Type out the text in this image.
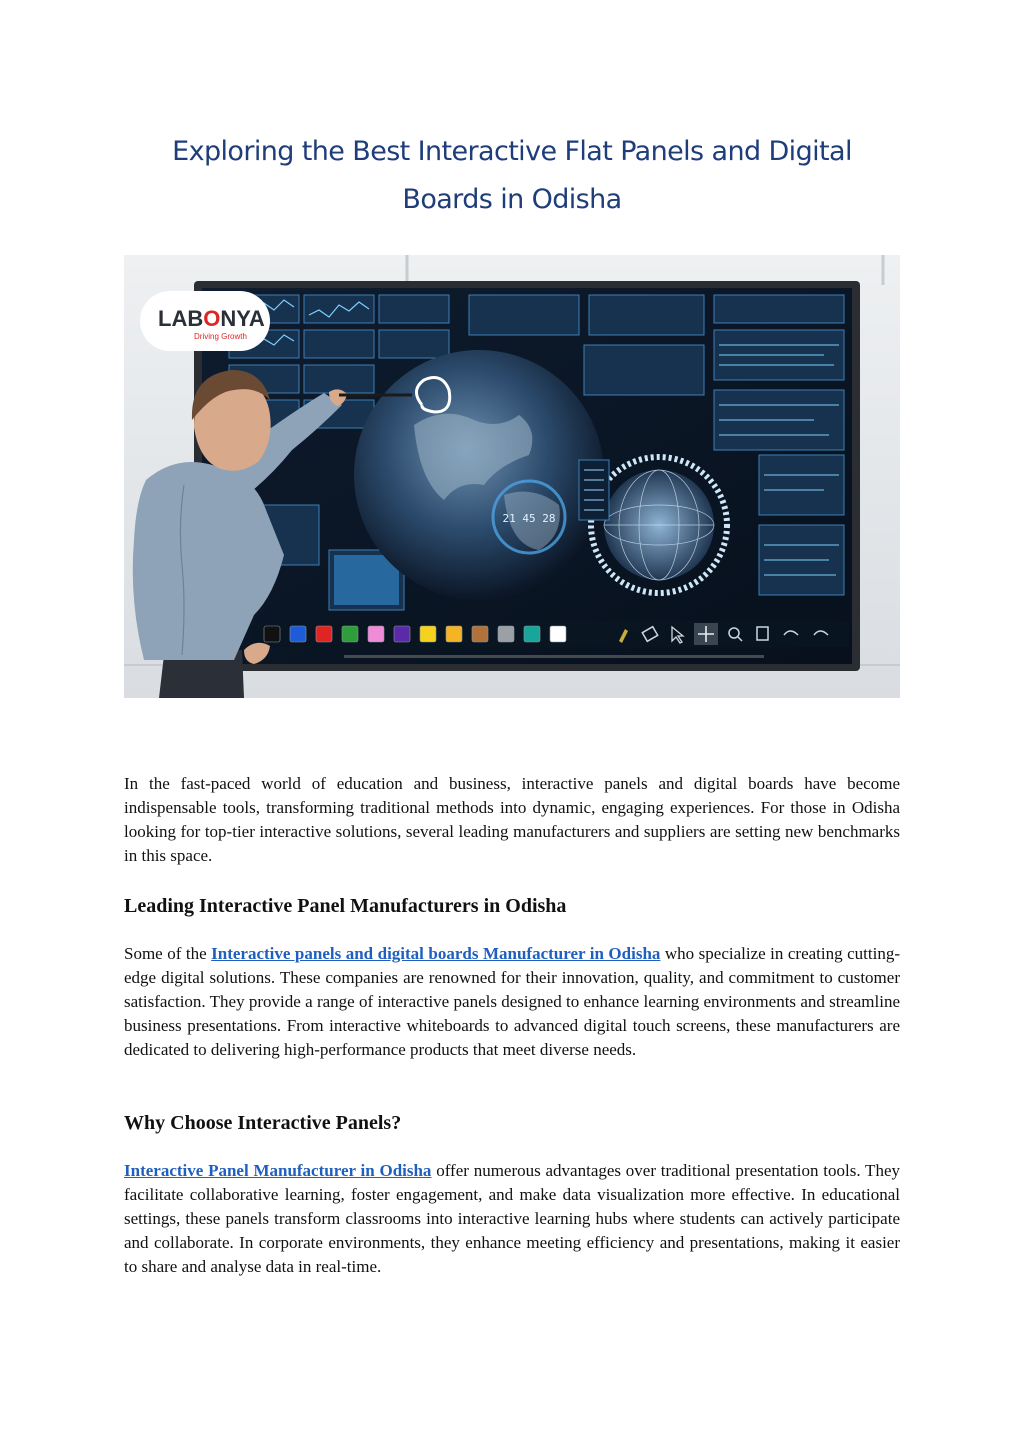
Exploring the Best Interactive Flat Panels and Digital
Boards in Odisha
21 45 28
LABONYA
Driving Growth

In the fast-paced world of education and business, interactive panels and digital boards have become indispensable tools, transforming traditional methods into dynamic, engaging experiences. For those in Odisha looking for top-tier interactive solutions, several leading manufacturers and suppliers are setting new benchmarks in this space.

Leading Interactive Panel Manufacturers in Odisha

Some of the Interactive panels and digital boards Manufacturer in Odisha who specialize in creating cutting-edge digital solutions. These companies are renowned for their innovation, quality, and commitment to customer satisfaction. They provide a range of interactive panels designed to enhance learning environments and streamline business presentations. From interactive whiteboards to advanced digital touch screens, these manufacturers are dedicated to delivering high-performance products that meet diverse needs.

Why Choose Interactive Panels?

Interactive Panel Manufacturer in Odisha offer numerous advantages over traditional presentation tools. They facilitate collaborative learning, foster engagement, and make data visualization more effective. In educational settings, these panels transform classrooms into interactive learning hubs where students can actively participate and collaborate. In corporate environments, they enhance meeting efficiency and presentations, making it easier to share and analyse data in real-time.
